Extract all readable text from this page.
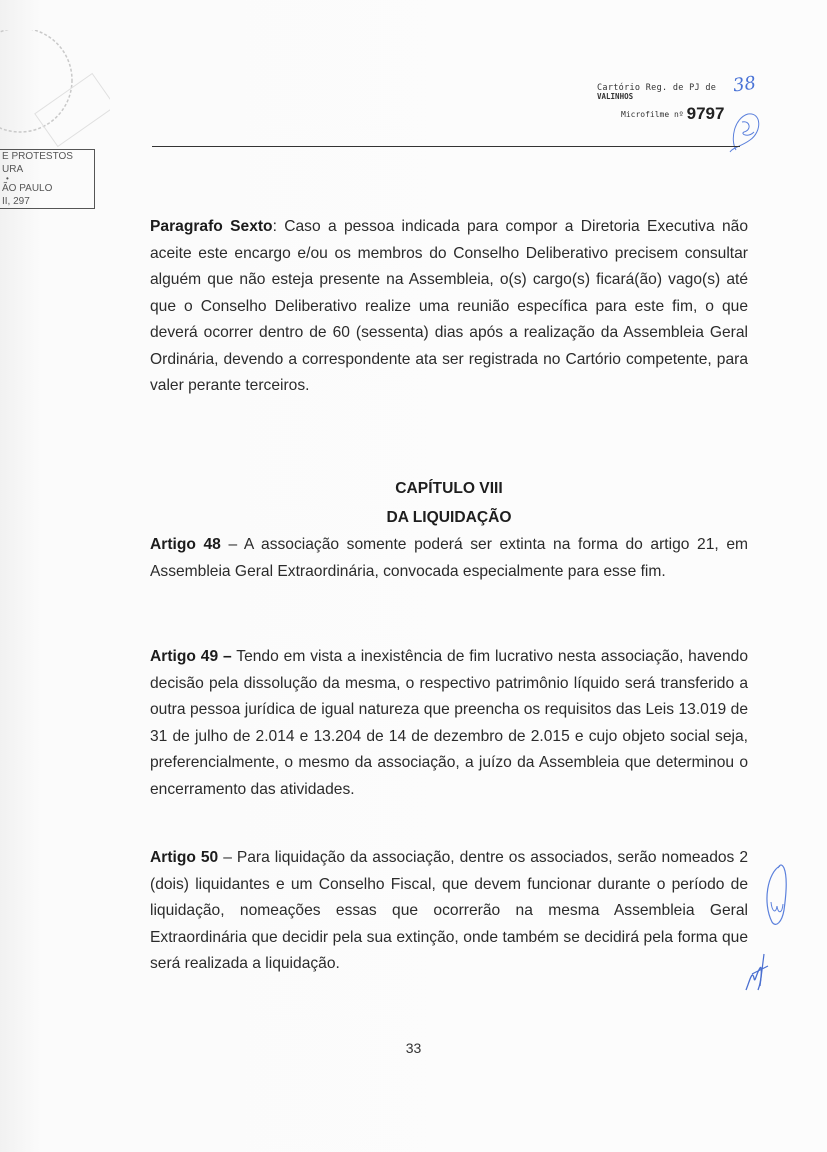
E PROTESTOS
URA
•
ÃO PAULO
II, 297
Cartório Reg. de PJ de
VALINHOS
Microfilme nº 9797
38

Paragrafo Sexto: Caso a pessoa indicada para compor a Diretoria Executiva não aceite este encargo e/ou os membros do Conselho Deliberativo precisem consultar alguém que não esteja presente na Assembleia, o(s) cargo(s) ficará(ão) vago(s) até que o Conselho Deliberativo realize uma reunião específica para este fim, o que deverá ocorrer dentro de 60 (sessenta) dias após a realização da Assembleia Geral Ordinária, devendo a correspondente ata ser registrada no Cartório competente, para valer perante terceiros.

CAPÍTULO VIII
DA LIQUIDAÇÃO

Artigo 48 – A associação somente poderá ser extinta na forma do artigo 21, em Assembleia Geral Extraordinária, convocada especialmente para esse fim.

Artigo 49 – Tendo em vista a inexistência de fim lucrativo nesta associação, havendo decisão pela dissolução da mesma, o respectivo patrimônio líquido será transferido a outra pessoa jurídica de igual natureza que preencha os requisitos das Leis 13.019 de 31 de julho de 2.014 e 13.204 de 14 de dezembro de 2.015 e cujo objeto social seja, preferencialmente, o mesmo da associação, a juízo da Assembleia que determinou o encerramento das atividades.

Artigo 50 – Para liquidação da associação, dentre os associados, serão nomeados 2 (dois) liquidantes e um Conselho Fiscal, que devem funcionar durante o período de liquidação, nomeações essas que ocorrerão na mesma Assembleia Geral Extraordinária que decidir pela sua extinção, onde também se decidirá pela forma que será realizada a liquidação.

33
